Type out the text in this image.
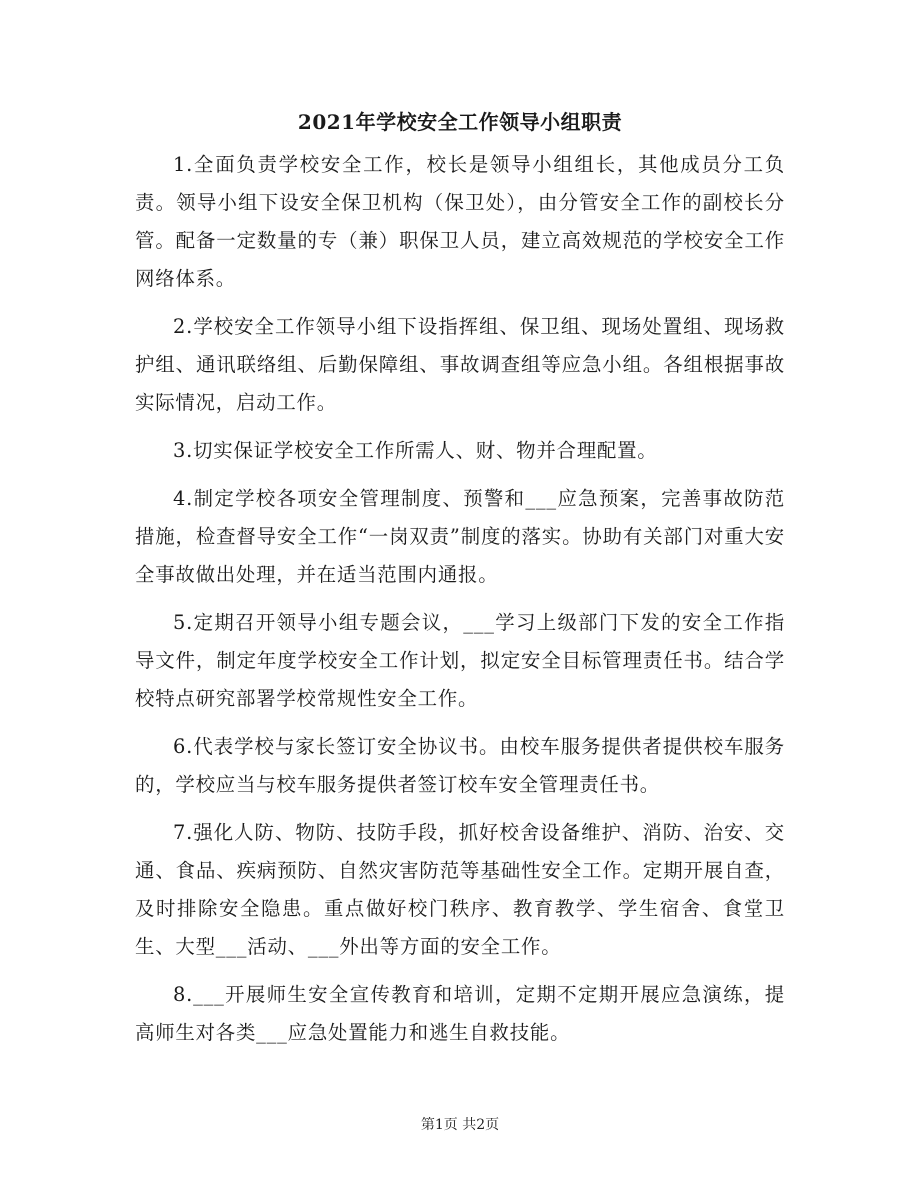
2021年学校安全工作领导小组职责

1.全面负责学校安全工作，校长是领导小组组长，其他成员分工负责。领导小组下设安全保卫机构（保卫处），由分管安全工作的副校长分管。配备一定数量的专（兼）职保卫人员，建立高效规范的学校安全工作网络体系。

2.学校安全工作领导小组下设指挥组、保卫组、现场处置组、现场救护组、通讯联络组、后勤保障组、事故调查组等应急小组。各组根据事故实际情况，启动工作。

3.切实保证学校安全工作所需人、财、物并合理配置。

4.制定学校各项安全管理制度、预警和___应急预案，完善事故防范措施，检查督导安全工作“一岗双责”制度的落实。协助有关部门对重大安全事故做出处理，并在适当范围内通报。

5.定期召开领导小组专题会议，___学习上级部门下发的安全工作指导文件，制定年度学校安全工作计划，拟定安全目标管理责任书。结合学校特点研究部署学校常规性安全工作。

6.代表学校与家长签订安全协议书。由校车服务提供者提供校车服务的，学校应当与校车服务提供者签订校车安全管理责任书。

7.强化人防、物防、技防手段，抓好校舍设备维护、消防、治安、交通、食品、疾病预防、自然灾害防范等基础性安全工作。定期开展自查，及时排除安全隐患。重点做好校门秩序、教育教学、学生宿舍、食堂卫生、大型___活动、___外出等方面的安全工作。

8.___开展师生安全宣传教育和培训，定期不定期开展应急演练，提高师生对各类___应急处置能力和逃生自救技能。

第1页 共2页
